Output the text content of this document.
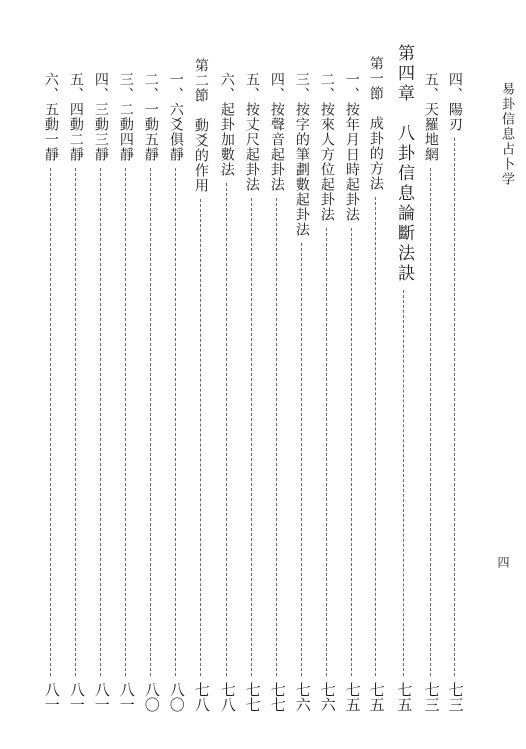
易卦信息占卜学
四
四、陽刃
七三
五、天羅地網
七三
第四章　八卦信息論斷法訣
七五
第一節　成卦的方法
七五
一、按年月日時起卦法
七五
二、按來人方位起卦法
七六
三、按字的筆劃數起卦法
七六
四、按聲音起卦法
七七
五、按丈尺起卦法
七七
六、起卦加數法
七八
第二節　動爻的作用
七八
一、六爻俱靜
八〇
二、一動五靜
八〇
三、二動四靜
八一
四、三動三靜
八一
五、四動二靜
八一
六、五動一靜
八一
